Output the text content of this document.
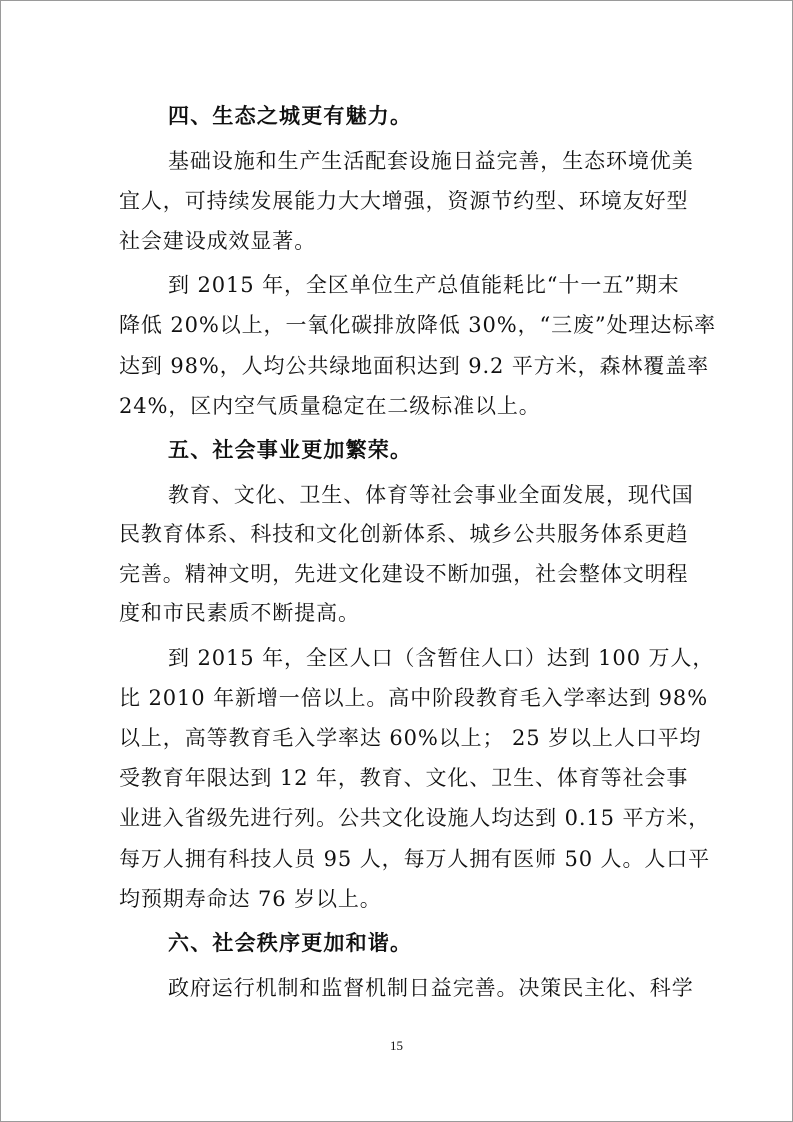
四、生态之城更有魅力。
基础设施和生产生活配套设施日益完善，生态环境优美
宜人，可持续发展能力大大增强，资源节约型、环境友好型
社会建设成效显著。
到 2015 年，全区单位生产总值能耗比“十一五”期末
降低 20%以上，一氧化碳排放降低 30%，“三废”处理达标率
达到 98%，人均公共绿地面积达到 9.2 平方米，森林覆盖率
24%，区内空气质量稳定在二级标准以上。
五、社会事业更加繁荣。
教育、文化、卫生、体育等社会事业全面发展，现代国
民教育体系、科技和文化创新体系、城乡公共服务体系更趋
完善。精神文明，先进文化建设不断加强，社会整体文明程
度和市民素质不断提高。
到 2015 年，全区人口（含暂住人口）达到 100 万人，
比 2010 年新增一倍以上。高中阶段教育毛入学率达到 98%
以上，高等教育毛入学率达 60%以上； 25 岁以上人口平均
受教育年限达到 12 年，教育、文化、卫生、体育等社会事
业进入省级先进行列。公共文化设施人均达到 0.15 平方米，
每万人拥有科技人员 95 人，每万人拥有医师 50 人。人口平
均预期寿命达 76 岁以上。
六、社会秩序更加和谐。
政府运行机制和监督机制日益完善。决策民主化、科学
15
